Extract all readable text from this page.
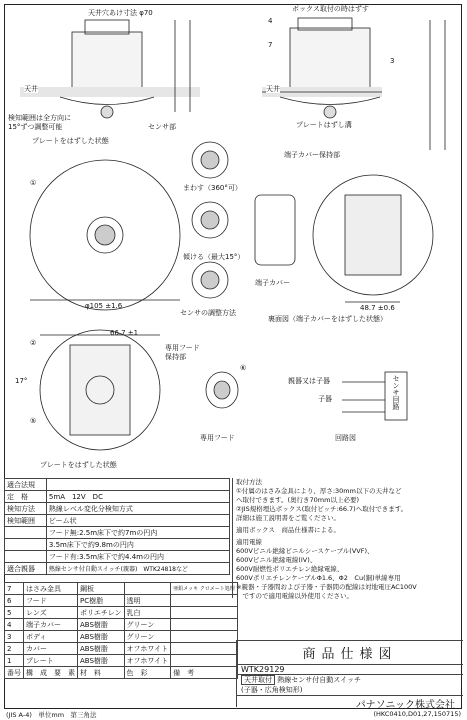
天井穴あけ寸法 φ70	ボックス取付の時はずす
天井	天井
検知範囲は全方向に
15°ずつ調整可能	センサ部
プレートをはずした状態
プレートはずし溝
4
7
3
①
まわす（360°可）
傾ける（最大15°）
φ105 ±1.6
センサの調整方法
端子カバー保持部
端子カバー
48.7 ±0.6
裏面図（端子カバーをはずした状態）
②
66.7 ±1
17°
⑤
専用フード
保持部
⑥
専用フード
プレートをはずした状態
親器又は子器
子器	センサ回路
回路図
適合法規	
定　格	5mA　12V　DC
検知方法	熱線レベル変化分検知方式
検知範囲	ビーム状
	フード無:2.5m床下で約7mの円内
	3.5m床下で約9.8mの円内
	フード有:3.5m床下で約4.4mの円内
適合親器	熱線センサ付自動スイッチ(親器)　WTK24818など
取付方法
①付属のはさみ金具により、厚さ:30mm以下の天井など
へ取付できます。(奥行き70mm以上必要)
②JIS規格埋込ボックス(取付ピッチ:66.7)へ取付できます。
詳細は施工説明書をご覧ください。
適用ボックス　 商品仕様書による。
適用電線
600Vビニル絶縁ビニルシースケーブル(VVF)、
600Vビニル絶縁電線(IV)、
600V耐燃性ポリエチレン絶縁電線、
600VポリエチレンケーブルΦ1.6、Φ2　Cu(銅)単線専用
※親器・子器間および子器・子器間の配線は対地電圧AC100V
　ですので適用電線以外使用ください。
7	はさみ金具	鋼板		亜鉛メッキ クロメート処理
6	フード	PC樹脂	透明	
5	レンズ	ポリエチレン	乳白	
4	端子カバー	ABS樹脂	グリーン	
3	ボディ	ABS樹脂	グリーン	
2	カバー	ABS樹脂	オフホワイト	
1	プレート	ABS樹脂	オフホワイト	
番号	構　成　要　素	材　料	色　彩	備　考
商品仕様図
WTK29129
天井取付 熱線センサ付自動スイッチ
(子器・広角検知形)
パナソニック株式会社
(JIS A-4)　単位mm　第三角法	(HKC0410,D01,27,150715)
